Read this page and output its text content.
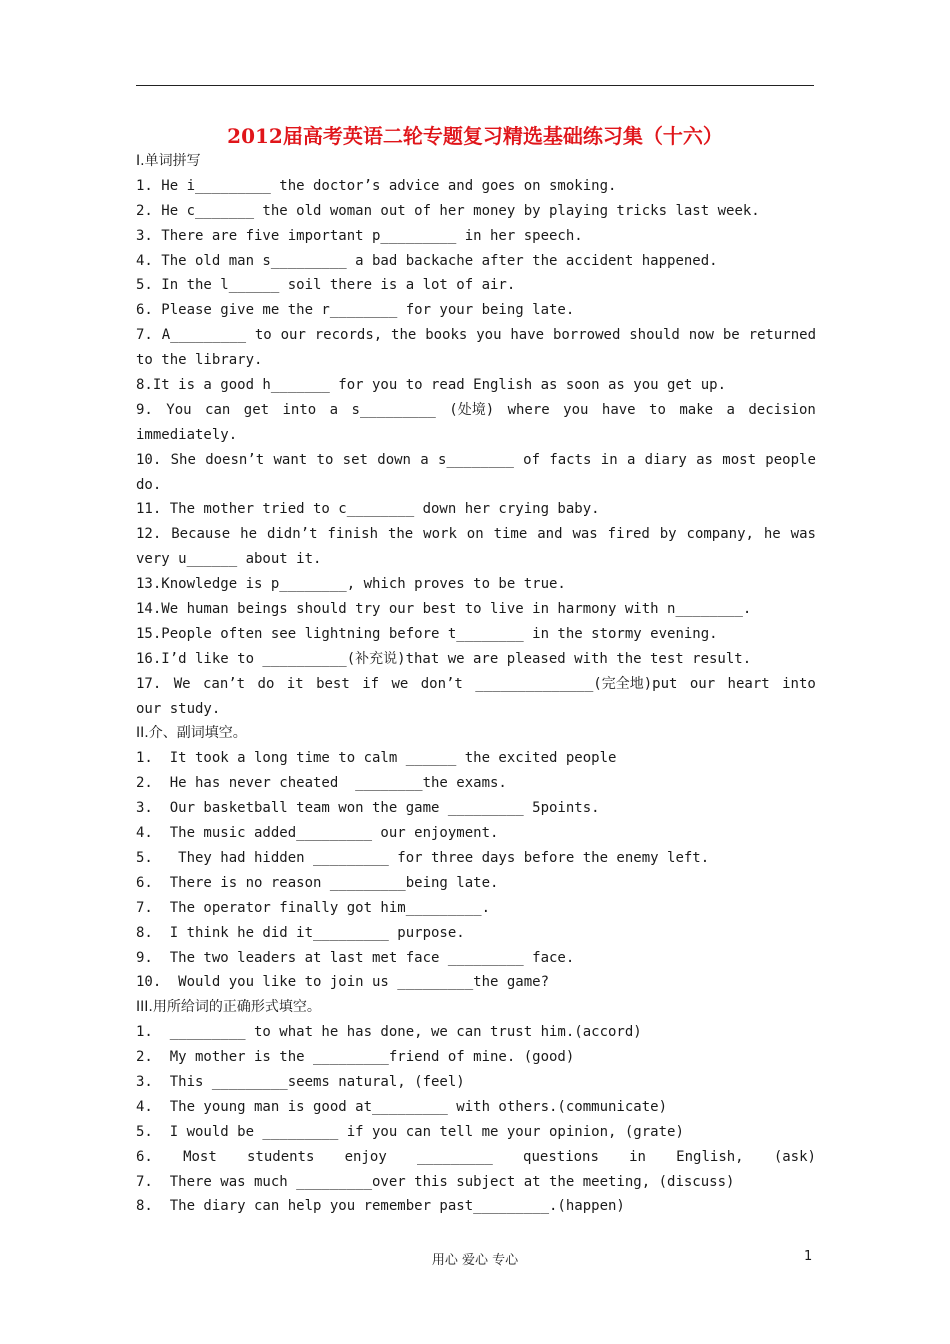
2012届高考英语二轮专题复习精选基础练习集（十六）
I.单词拼写
1. He i_________ the doctor’s advice and goes on smoking.
2. He c_______ the old woman out of her money by playing tricks last week.
3. There are five important p_________ in her speech.
4. The old man s_________ a bad backache after the accident happened.
5. In the l______ soil there is a lot of air.
6. Please give me the r________ for your being late.
7. A_________ to our records, the books you have borrowed should now be returned
to the library.
8.It is a good h_______ for you to read English as soon as you get up.
9. You can get into a s_________ (处境) where you have to make a decision
immediately.
10. She doesn’t want to set down a s________ of facts in a diary as most people
do.
11. The mother tried to c________ down her crying baby.
12. Because he didn’t finish the work on time and was fired by company, he was
very u______ about it.
13.Knowledge is p________, which proves to be true.
14.We human beings should try our best to live in harmony with n________.
15.People often see lightning before t________ in the stormy evening.
16.I’d like to __________(补充说)that we are pleased with the test result.
17. We can’t do it best if we don’t ______________(完全地)put our heart into
our study.
II.介、副词填空。
1.  It took a long time to calm ______ the excited people
2.  He has never cheated  ________the exams.
3.  Our basketball team won the game _________ 5points.
4.  The music added_________ our enjoyment.
5.   They had hidden _________ for three days before the enemy left.
6.  There is no reason _________being late.
7.  The operator finally got him_________.
8.  I think he did it_________ purpose.
9.  The two leaders at last met face _________ face.
10.  Would you like to join us _________the game?
III.用所给词的正确形式填空。
1.  _________ to what he has done, we can trust him.(accord)
2.  My mother is the _________friend of mine. (good)
3.  This _________seems natural, (feel)
4.  The young man is good at_________ with others.(communicate)
5.  I would be _________ if you can tell me your opinion, (grate)
6. Most students enjoy _________ questions in English, (ask)
7.  There was much _________over this subject at the meeting, (discuss)
8.  The diary can help you remember past_________.(happen)
用心 爱心 专心	1
